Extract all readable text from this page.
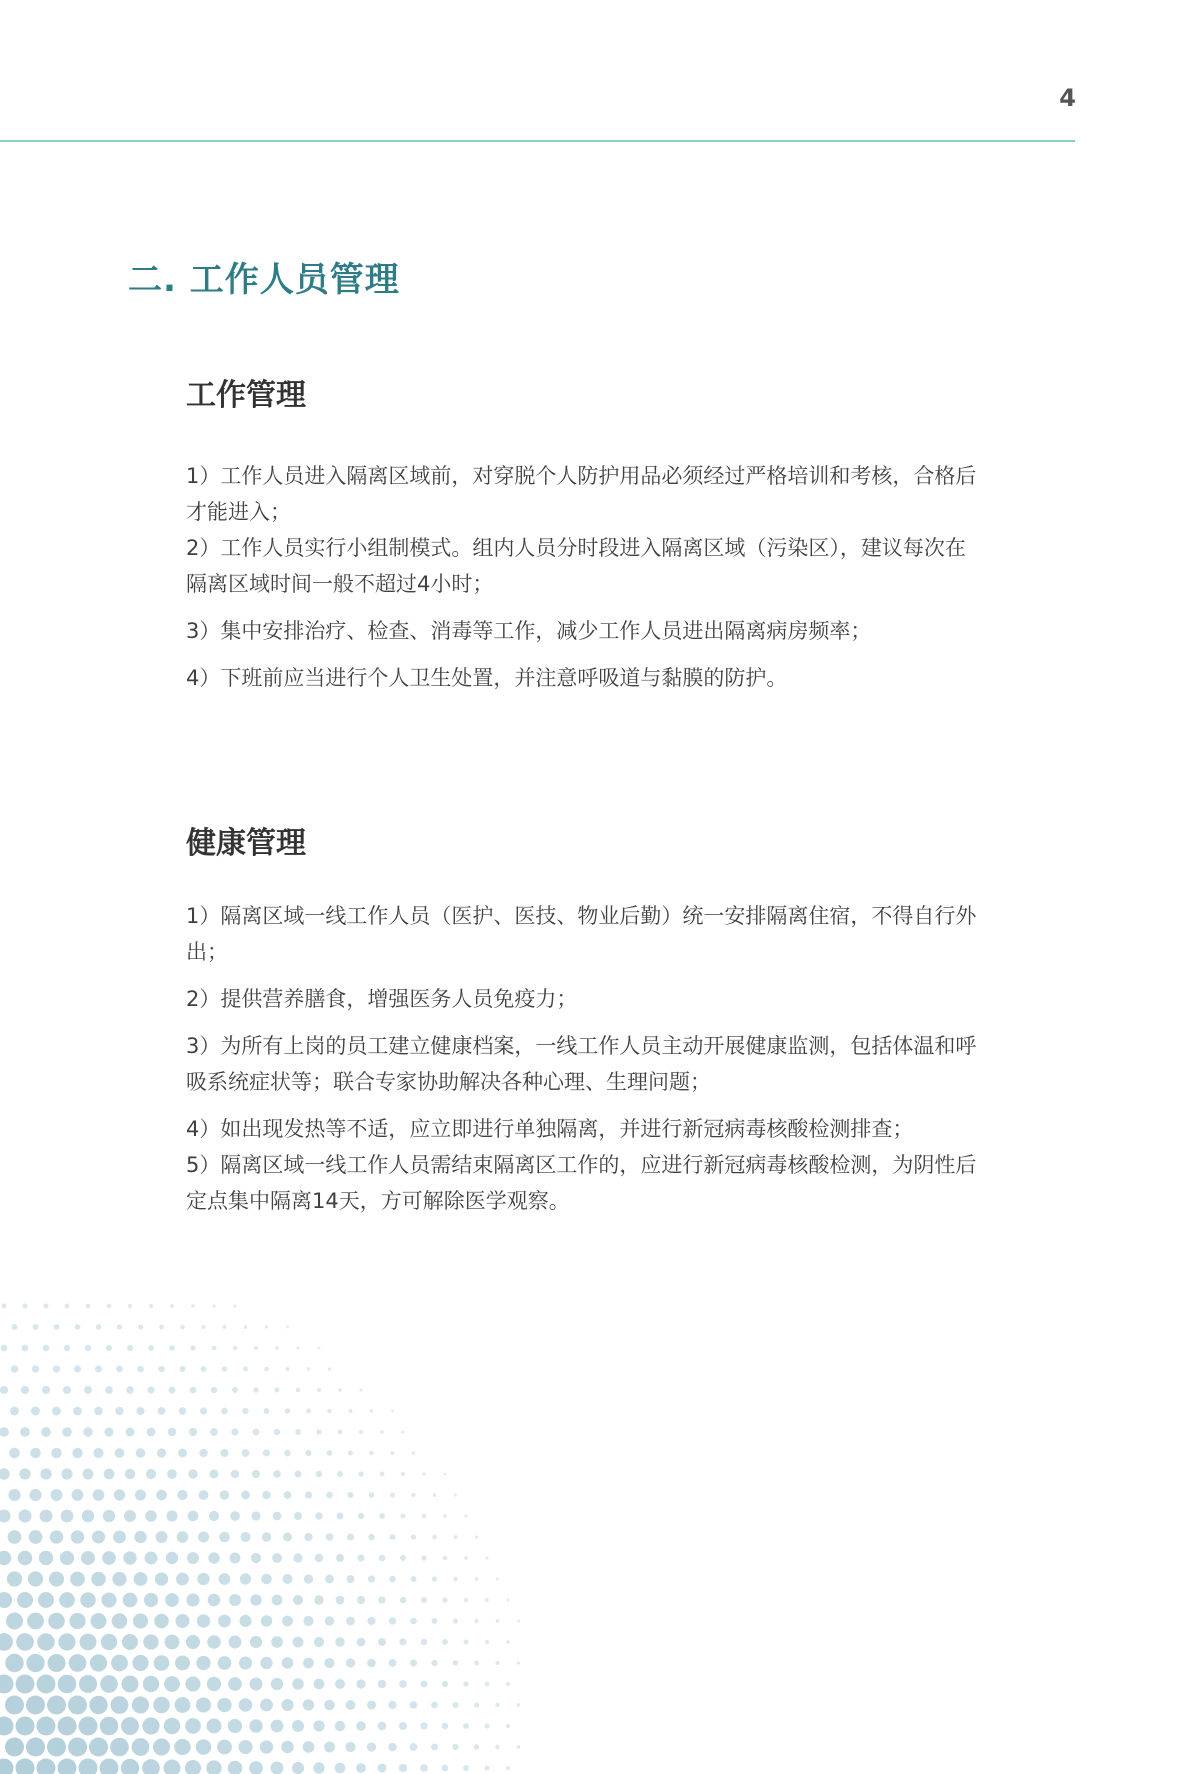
4
二. 工作人员管理
工作管理

1）工作人员进入隔离区域前，对穿脱个人防护用品必须经过严格培训和考核，合格后才能进入；

2）工作人员实行小组制模式。组内人员分时段进入隔离区域（污染区），建议每次在隔离区域时间一般不超过4小时；

3）集中安排治疗、检查、消毒等工作，减少工作人员进出隔离病房频率；

4）下班前应当进行个人卫生处置，并注意呼吸道与黏膜的防护。

健康管理

1）隔离区域一线工作人员（医护、医技、物业后勤）统一安排隔离住宿，不得自行外出；

2）提供营养膳食，增强医务人员免疫力；

3）为所有上岗的员工建立健康档案，一线工作人员主动开展健康监测，包括体温和呼吸系统症状等；联合专家协助解决各种心理、生理问题；

4）如出现发热等不适，应立即进行单独隔离，并进行新冠病毒核酸检测排查；

5）隔离区域一线工作人员需结束隔离区工作的，应进行新冠病毒核酸检测，为阴性后定点集中隔离14天，方可解除医学观察。
